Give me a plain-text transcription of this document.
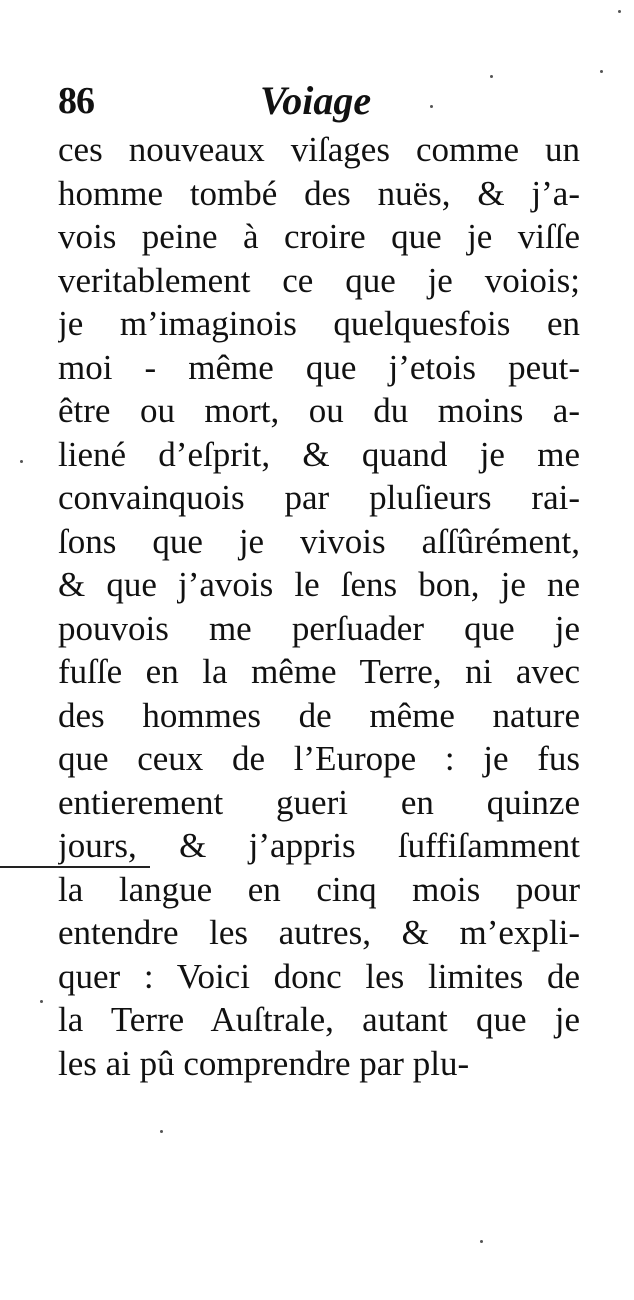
86	Voiage
ces nouveaux viſages comme un
homme tombé des nuës, & j’a-
vois peine à croire que je viſſe
veritablement ce que je voiois;
je m’imaginois quelquesfois en
moi - même que j’etois peut-
être ou mort, ou du moins a-
liené d’eſprit, & quand je me
convainquois par pluſieurs rai-
ſons que je vivois aſſûrément,
& que j’avois le ſens bon, je ne
pouvois me perſuader que je
fuſſe en la même Terre, ni avec
des hommes de même nature
que ceux de l’Europe : je fus
entierement gueri en quinze
jours, & j’appris ſuffiſamment
la langue en cinq mois pour
entendre les autres, & m’expli-
quer : Voici donc les limites de
la Terre Auſtrale, autant que je
les ai pû comprendre par plu-
